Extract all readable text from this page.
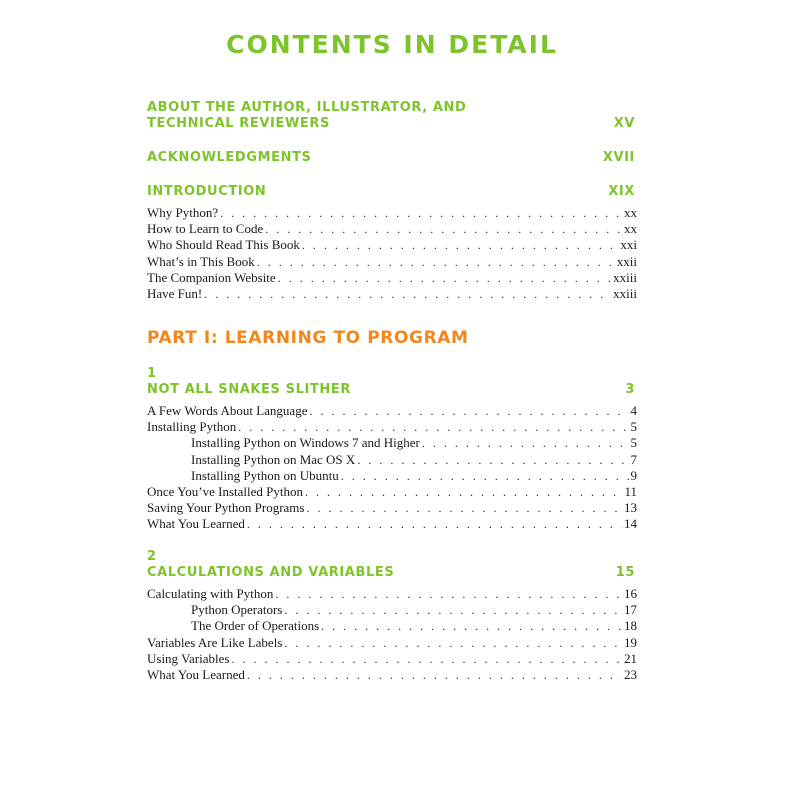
CONTENTS IN DETAIL
ABOUT THE AUTHOR, ILLUSTRATOR, AND
TECHNICAL REVIEWERS	XV
ACKNOWLEDGMENTS	XVII
INTRODUCTION	XIX
Why Python? . . .	xx
How to Learn to Code . . .	xx
Who Should Read This Book . . .	xxi
What’s in This Book . . .	xxii
The Companion Website . . .	xxiii
Have Fun! . . .	xxiii
PART I: LEARNING TO PROGRAM
1
NOT ALL SNAKES SLITHER	3
A Few Words About Language . . .	4
Installing Python . . .	5
Installing Python on Windows 7 and Higher . . .	5
Installing Python on Mac OS X . . .	7
Installing Python on Ubuntu . . .	9
Once You’ve Installed Python . . .	11
Saving Your Python Programs . . .	13
What You Learned . . .	14
2
CALCULATIONS AND VARIABLES	15
Calculating with Python . . .	16
Python Operators . . .	17
The Order of Operations . . .	18
Variables Are Like Labels . . .	19
Using Variables . . .	21
What You Learned . . .	23
